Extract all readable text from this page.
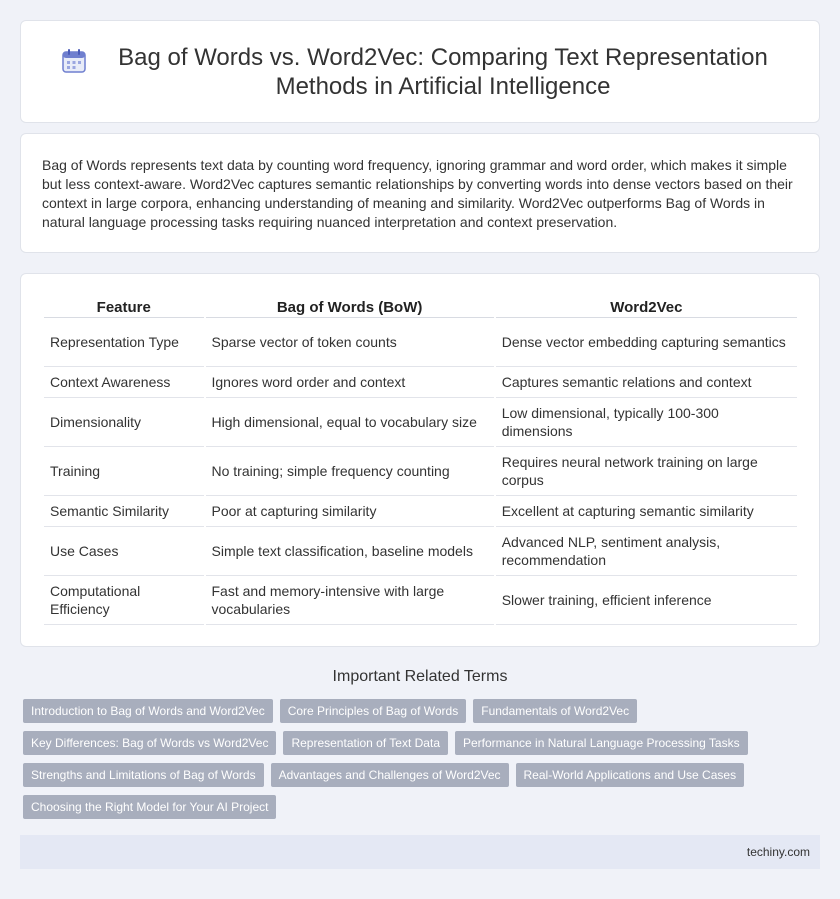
Bag of Words vs. Word2Vec: Comparing Text Representation Methods in Artificial Intelligence

Bag of Words represents text data by counting word frequency, ignoring grammar and word order, which makes it simple but less context-aware. Word2Vec captures semantic relationships by converting words into dense vectors based on their context in large corpora, enhancing understanding of meaning and similarity. Word2Vec outperforms Bag of Words in natural language processing tasks requiring nuanced interpretation and context preservation.

Feature	Bag of Words (BoW)	Word2Vec
Representation Type	Sparse vector of token counts	Dense vector embedding capturing semantics
Context Awareness	Ignores word order and context	Captures semantic relations and context
Dimensionality	High dimensional, equal to vocabulary size	Low dimensional, typically 100-300 dimensions
Training	No training; simple frequency counting	Requires neural network training on large corpus
Semantic Similarity	Poor at capturing similarity	Excellent at capturing semantic similarity
Use Cases	Simple text classification, baseline models	Advanced NLP, sentiment analysis, recommendation
Computational Efficiency	Fast and memory-intensive with large vocabularies	Slower training, efficient inference
Important Related Terms
Introduction to Bag of Words and Word2Vec	Core Principles of Bag of Words	Fundamentals of Word2Vec
Key Differences: Bag of Words vs Word2Vec	Representation of Text Data	Performance in Natural Language Processing Tasks
Strengths and Limitations of Bag of Words	Advantages and Challenges of Word2Vec	Real-World Applications and Use Cases
Choosing the Right Model for Your AI Project
techiny.com
